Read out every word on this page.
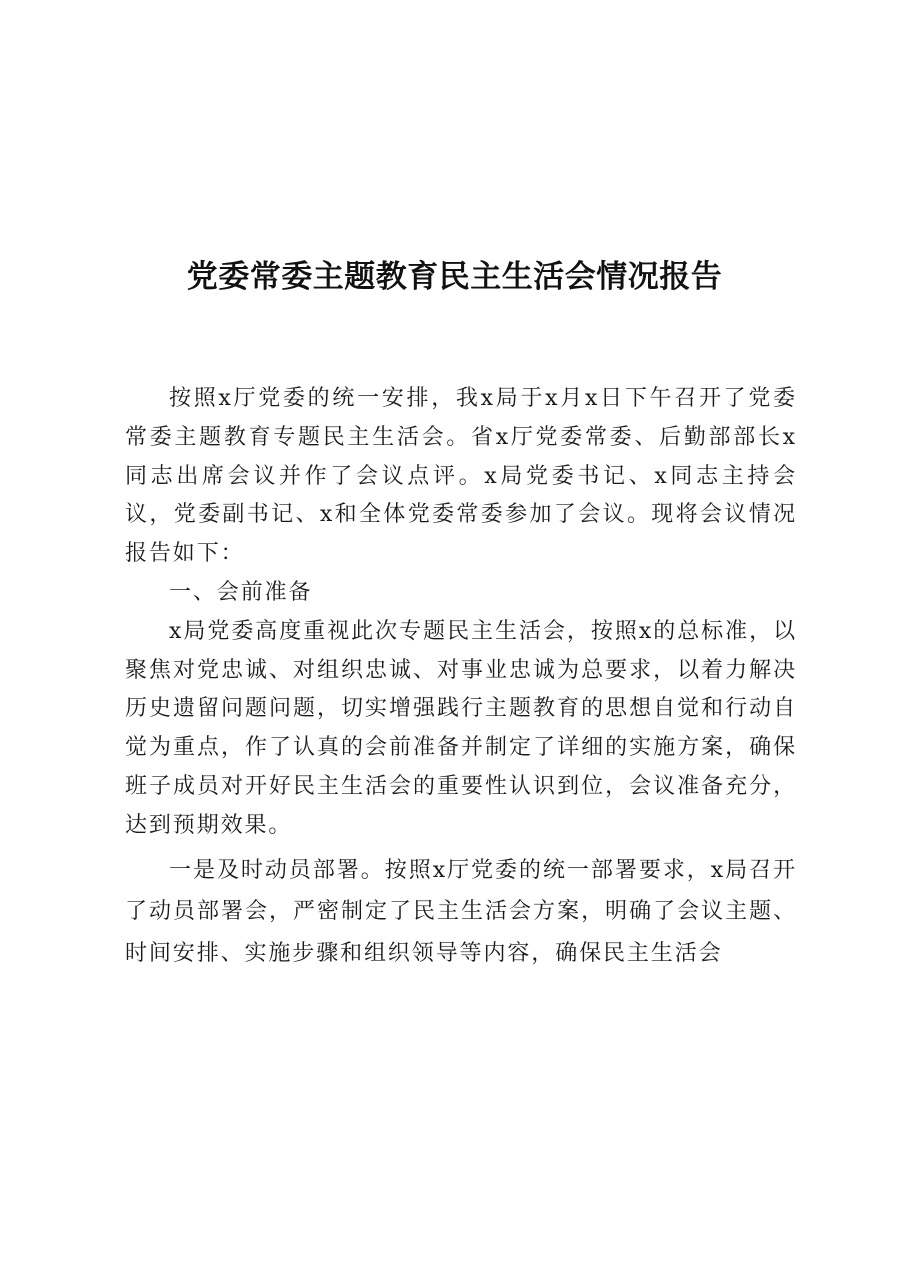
党委常委主题教育民主生活会情况报告

按照x厅党委的统一安排，我x局于x月x日下午召开了党委常委主题教育专题民主生活会。省x厅党委常委、后勤部部长x同志出席会议并作了会议点评。x局党委书记、x同志主持会议，党委副书记、x和全体党委常委参加了会议。现将会议情况报告如下：

一、会前准备

x局党委高度重视此次专题民主生活会，按照x的总标准，以聚焦对党忠诚、对组织忠诚、对事业忠诚为总要求，以着力解决历史遗留问题问题，切实增强践行主题教育的思想自觉和行动自觉为重点，作了认真的会前准备并制定了详细的实施方案，确保班子成员对开好民主生活会的重要性认识到位，会议准备充分，达到预期效果。

一是及时动员部署。按照x厅党委的统一部署要求，x局召开了动员部署会，严密制定了民主生活会方案，明确了会议主题、时间安排、实施步骤和组织领导等内容，确保民主生活会
